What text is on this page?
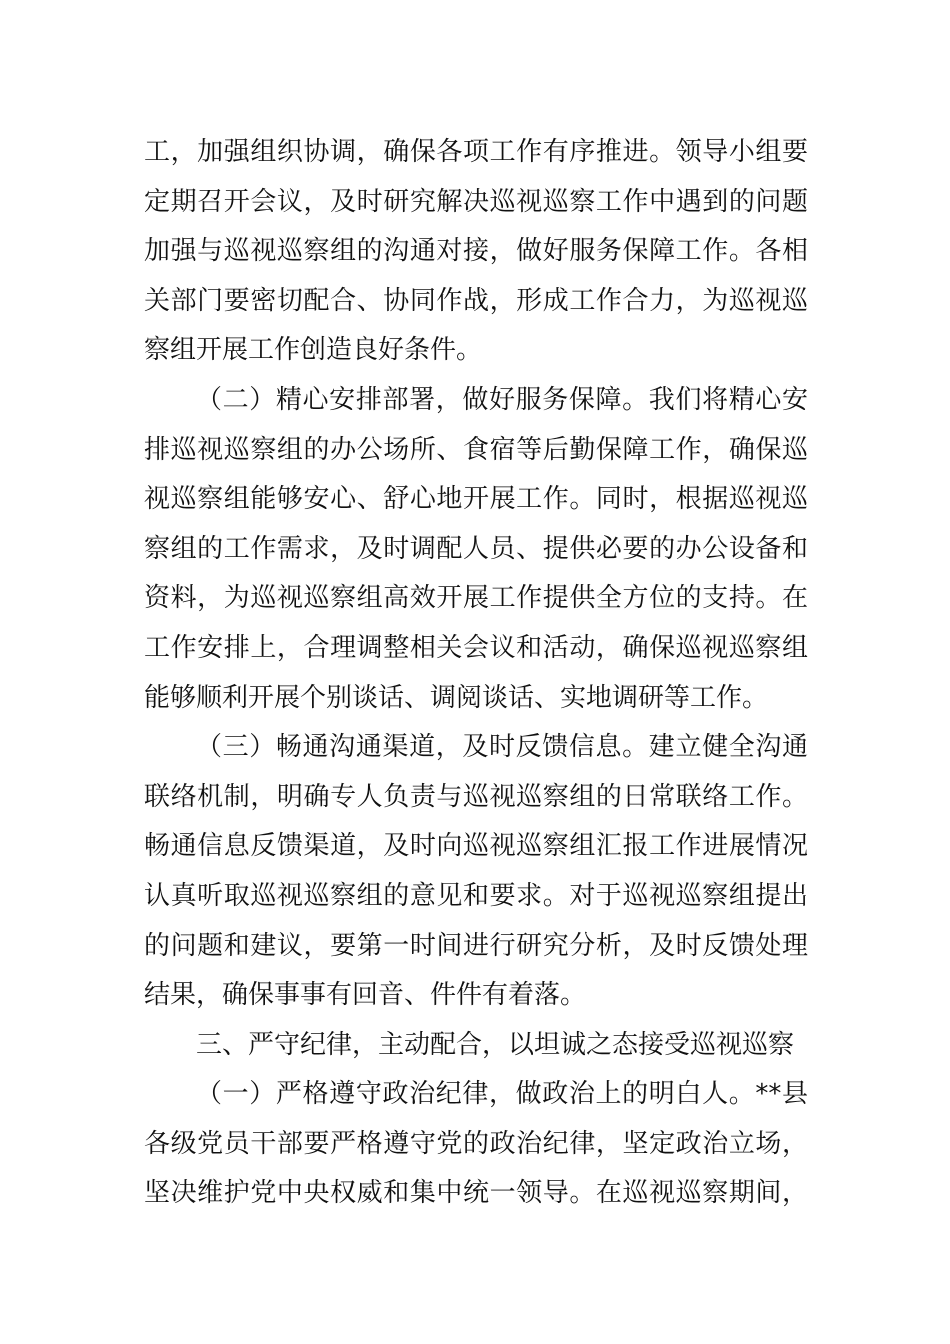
工，加强组织协调，确保各项工作有序推进。领导小组要
定期召开会议，及时研究解决巡视巡察工作中遇到的问题
加强与巡视巡察组的沟通对接，做好服务保障工作。各相
关部门要密切配合、协同作战，形成工作合力，为巡视巡
察组开展工作创造良好条件。
（二）精心安排部署，做好服务保障。我们将精心安
排巡视巡察组的办公场所、食宿等后勤保障工作，确保巡
视巡察组能够安心、舒心地开展工作。同时，根据巡视巡
察组的工作需求，及时调配人员、提供必要的办公设备和
资料，为巡视巡察组高效开展工作提供全方位的支持。在
工作安排上，合理调整相关会议和活动，确保巡视巡察组
能够顺利开展个别谈话、调阅谈话、实地调研等工作。
（三）畅通沟通渠道，及时反馈信息。建立健全沟通
联络机制，明确专人负责与巡视巡察组的日常联络工作。
畅通信息反馈渠道，及时向巡视巡察组汇报工作进展情况
认真听取巡视巡察组的意见和要求。对于巡视巡察组提出
的问题和建议，要第一时间进行研究分析，及时反馈处理
结果，确保事事有回音、件件有着落。
三、严守纪律，主动配合，以坦诚之态接受巡视巡察
（一）严格遵守政治纪律，做政治上的明白人。**县
各级党员干部要严格遵守党的政治纪律，坚定政治立场，
坚决维护党中央权威和集中统一领导。在巡视巡察期间，
